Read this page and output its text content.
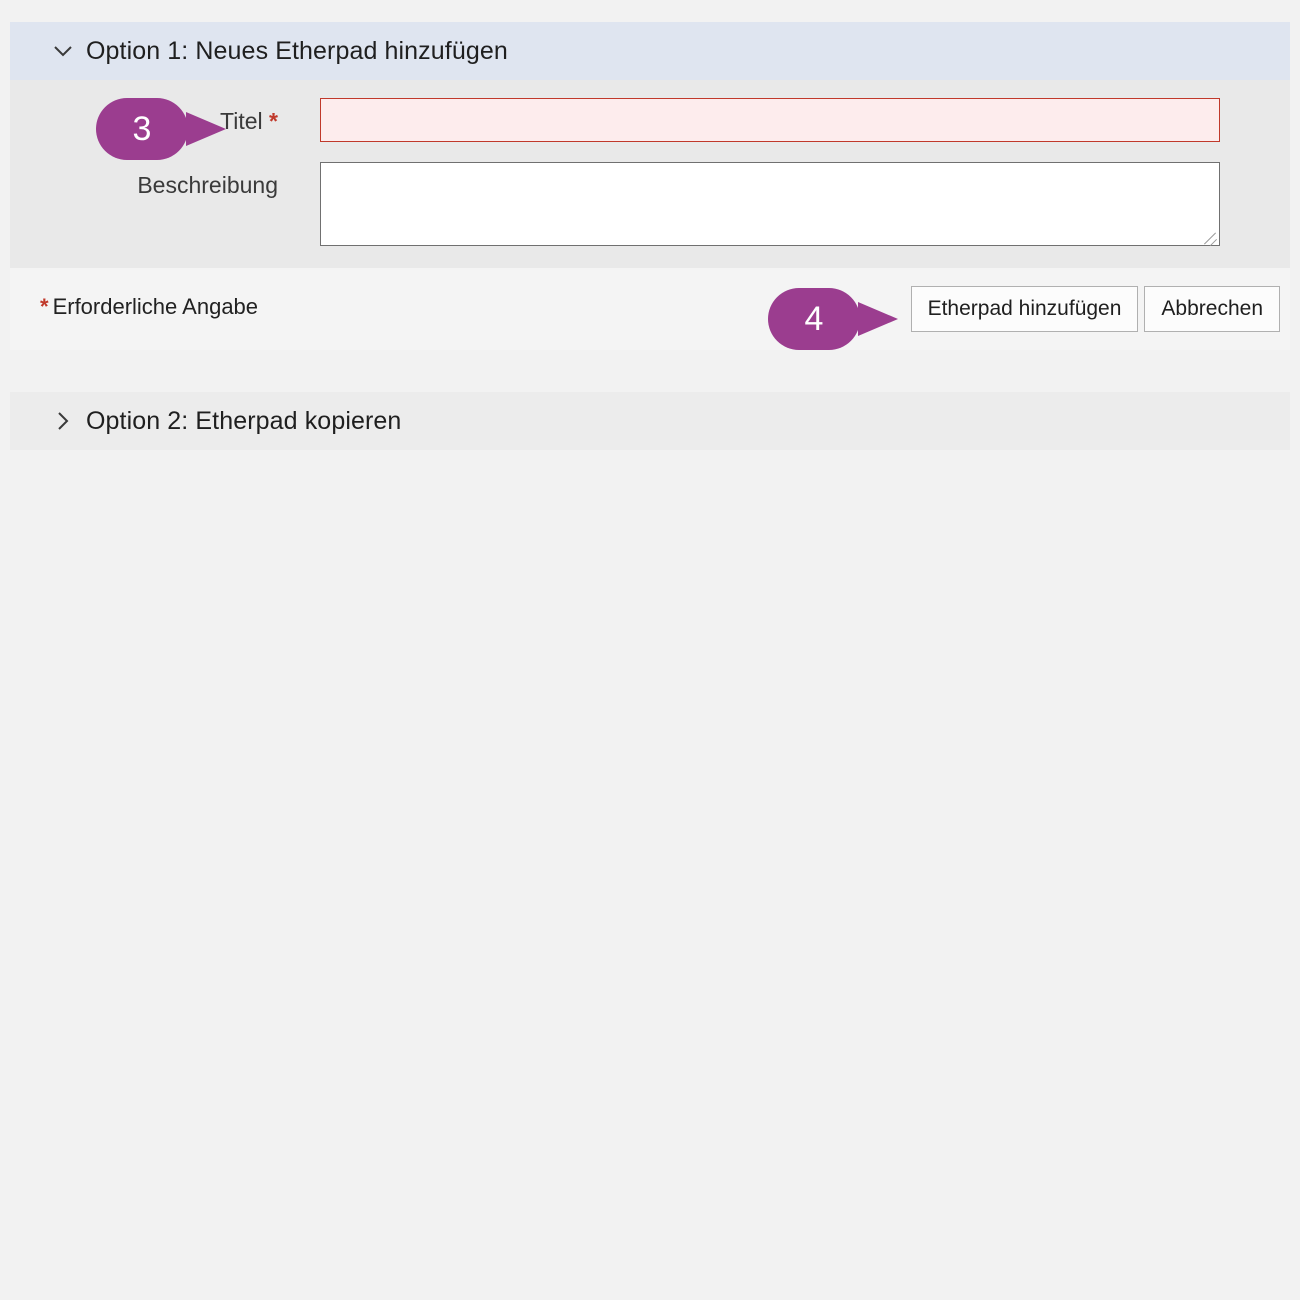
Option 1: Neues Etherpad hinzufügen
Titel *
Beschreibung
* Erforderliche Angabe	Etherpad hinzufügen	Abbrechen
Option 2: Etherpad kopieren
3
4
